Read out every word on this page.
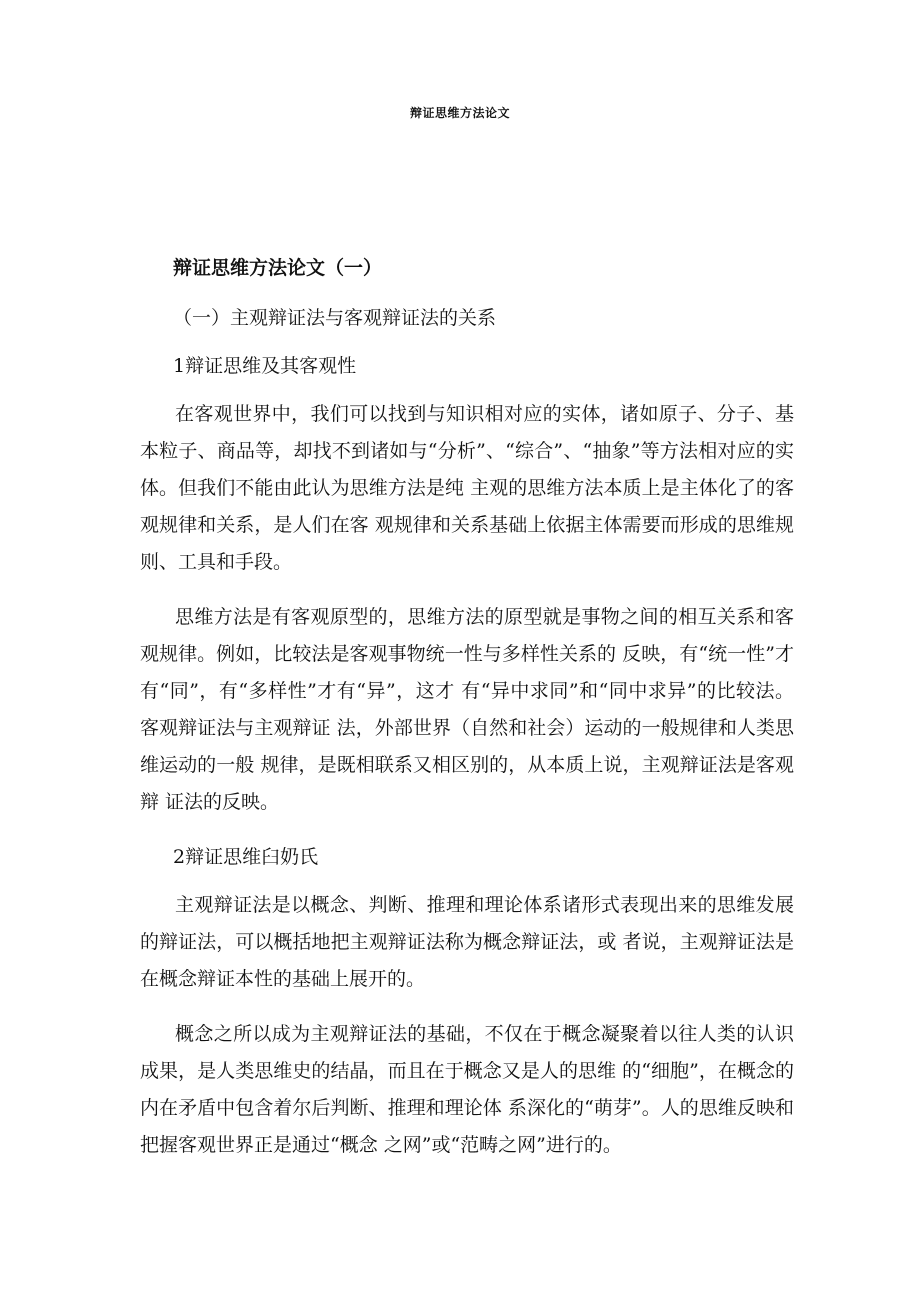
辩证思维方法论文
辩证思维方法论文（一）
（一）主观辩证法与客观辩证法的关系
1辩证思维及其客观性

在客观世界中，我们可以找到与知识相对应的实体，诸如原子、分子、基本粒子、商品等，却找不到诸如与“分析”、“综合”、“抽象”等方法相对应的实体。但我们不能由此认为思维方法是纯 主观的思维方法本质上是主体化了的客观规律和关系，是人们在客 观规律和关系基础上依据主体需要而形成的思维规则、工具和手段。

思维方法是有客观原型的，思维方法的原型就是事物之间的相互关系和客观规律。例如，比较法是客观事物统一性与多样性关系的 反映，有“统一性”才有“同”，有“多样性”才有“异”，这才 有“异中求同”和“同中求异”的比较法。客观辩证法与主观辩证 法，外部世界（自然和社会）运动的一般规律和人类思维运动的一般 规律，是既相联系又相区别的，从本质上说，主观辩证法是客观辩 证法的反映。

2辩证思维臼奶氏

主观辩证法是以概念、判断、推理和理论体系诸形式表现出来的思维发展的辩证法，可以概括地把主观辩证法称为概念辩证法，或 者说，主观辩证法是在概念辩证本性的基础上展开的。

概念之所以成为主观辩证法的基础，不仅在于概念凝聚着以往人类的认识成果，是人类思维史的结晶，而且在于概念又是人的思维 的“细胞”，在概念的内在矛盾中包含着尔后判断、推理和理论体 系深化的“萌芽”。人的思维反映和把握客观世界正是通过“概念 之网”或“范畴之网”进行的。
